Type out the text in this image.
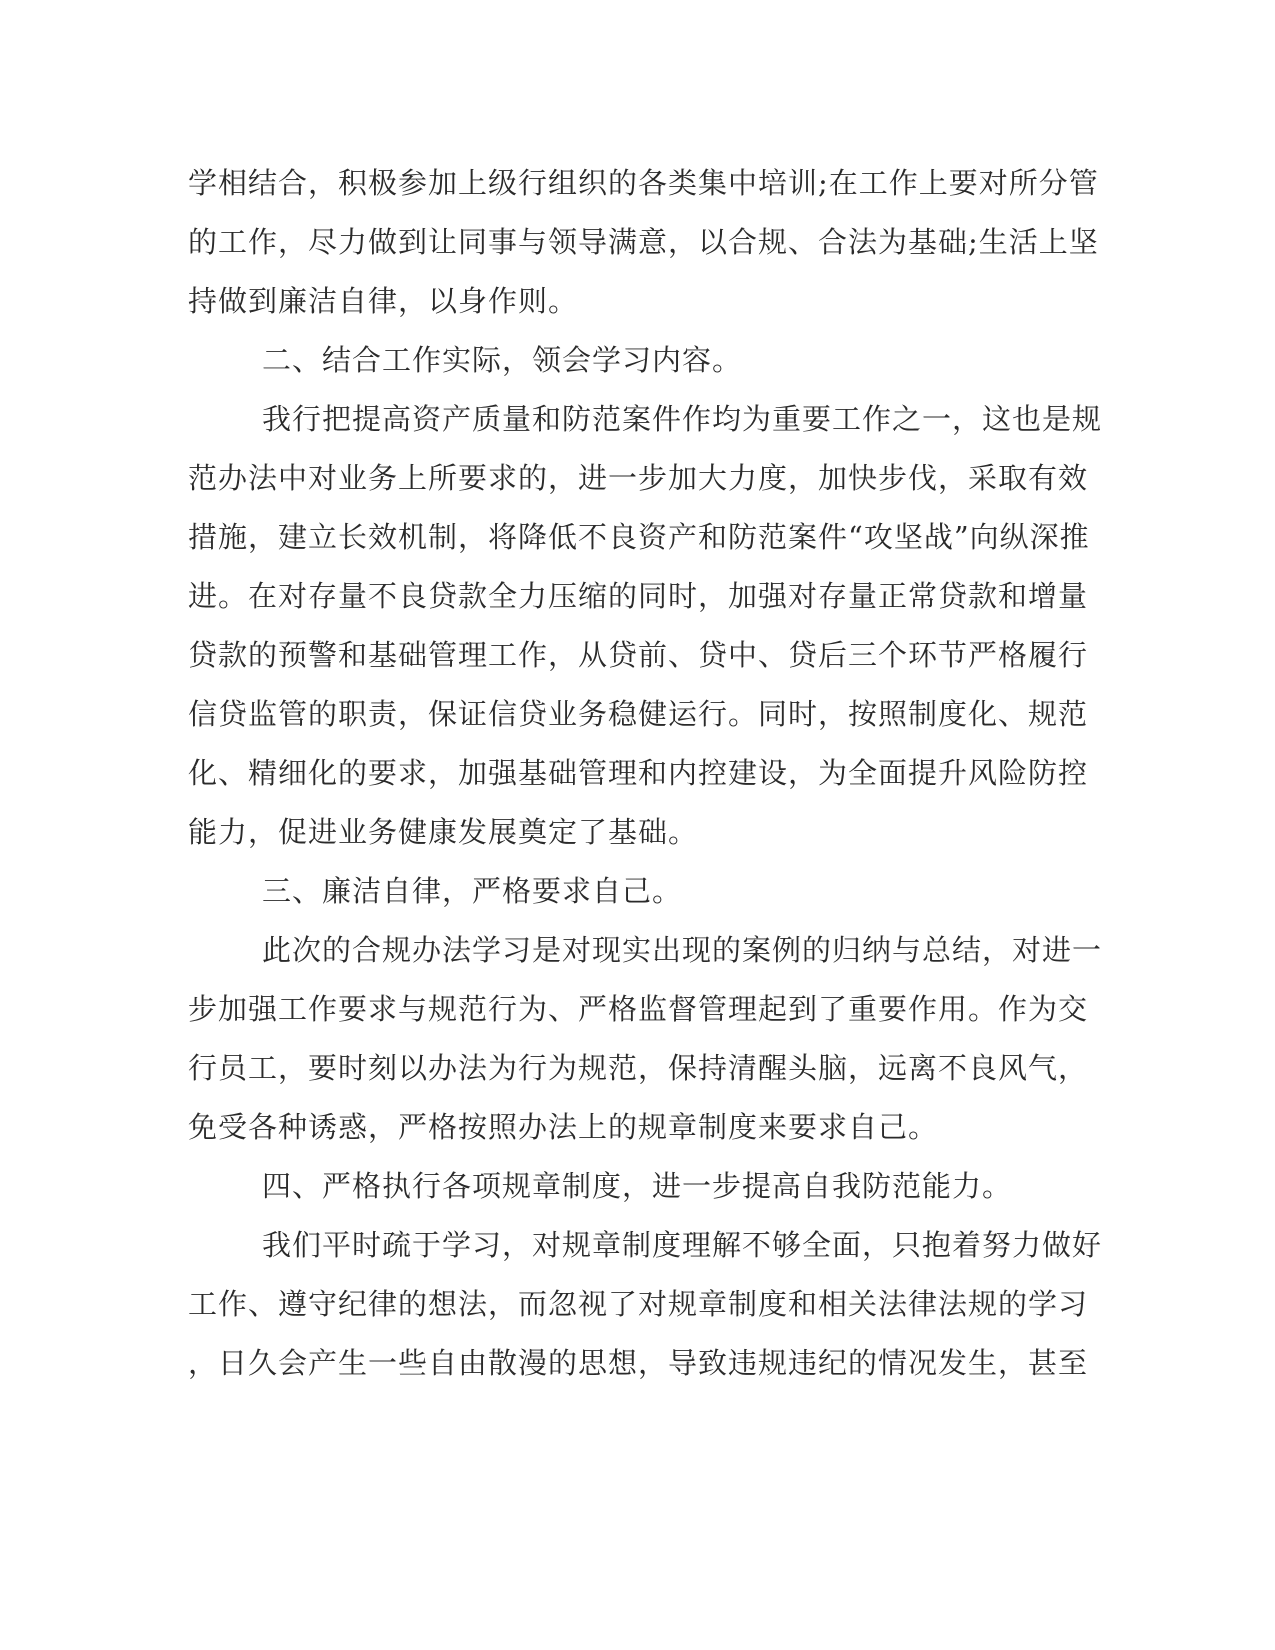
学相结合，积极参加上级行组织的各类集中培训;在工作上要对所分管
的工作，尽力做到让同事与领导满意，以合规、合法为基础;生活上坚
持做到廉洁自律，以身作则。
二、结合工作实际，领会学习内容。
我行把提高资产质量和防范案件作均为重要工作之一，这也是规
范办法中对业务上所要求的，进一步加大力度，加快步伐，采取有效
措施，建立长效机制，将降低不良资产和防范案件“攻坚战”向纵深推
进。在对存量不良贷款全力压缩的同时，加强对存量正常贷款和增量
贷款的预警和基础管理工作，从贷前、贷中、贷后三个环节严格履行
信贷监管的职责，保证信贷业务稳健运行。同时，按照制度化、规范
化、精细化的要求，加强基础管理和内控建设，为全面提升风险防控
能力，促进业务健康发展奠定了基础。
三、廉洁自律，严格要求自己。
此次的合规办法学习是对现实出现的案例的归纳与总结，对进一
步加强工作要求与规范行为、严格监督管理起到了重要作用。作为交
行员工，要时刻以办法为行为规范，保持清醒头脑，远离不良风气，
免受各种诱惑，严格按照办法上的规章制度来要求自己。
四、严格执行各项规章制度，进一步提高自我防范能力。
我们平时疏于学习，对规章制度理解不够全面，只抱着努力做好
工作、遵守纪律的想法，而忽视了对规章制度和相关法律法规的学习
，日久会产生一些自由散漫的思想，导致违规违纪的情况发生，甚至
